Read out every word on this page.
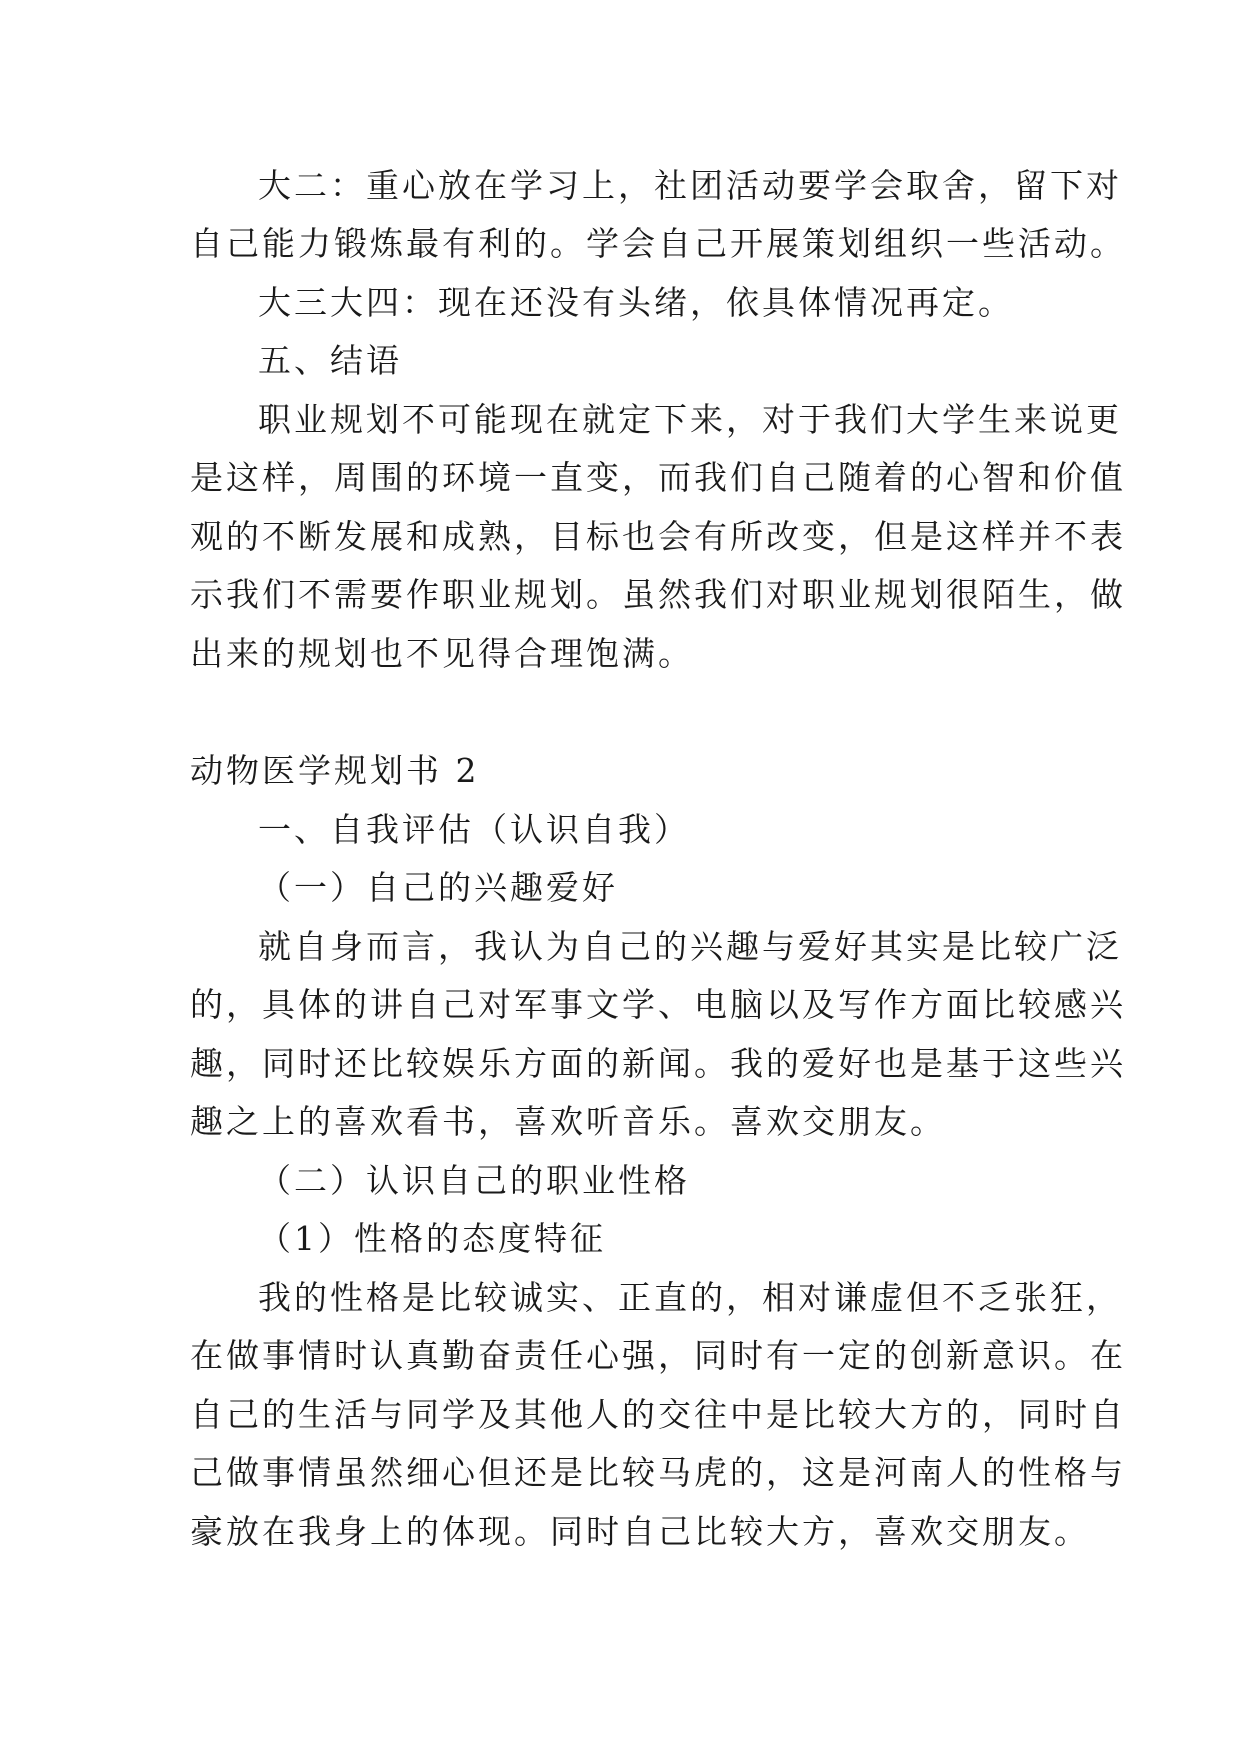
大二：重心放在学习上，社团活动要学会取舍，留下对
自己能力锻炼最有利的。学会自己开展策划组织一些活动。
大三大四：现在还没有头绪，依具体情况再定。
五、结语
职业规划不可能现在就定下来，对于我们大学生来说更
是这样，周围的环境一直变，而我们自己随着的心智和价值
观的不断发展和成熟，目标也会有所改变，但是这样并不表
示我们不需要作职业规划。虽然我们对职业规划很陌生，做
出来的规划也不见得合理饱满。
动物医学规划书 2
一、自我评估（认识自我）
（一）自己的兴趣爱好
就自身而言，我认为自己的兴趣与爱好其实是比较广泛
的，具体的讲自己对军事文学、电脑以及写作方面比较感兴
趣，同时还比较娱乐方面的新闻。我的爱好也是基于这些兴
趣之上的喜欢看书，喜欢听音乐。喜欢交朋友。
（二）认识自己的职业性格
（1）性格的态度特征
我的性格是比较诚实、正直的，相对谦虚但不乏张狂，
在做事情时认真勤奋责任心强，同时有一定的创新意识。在
自己的生活与同学及其他人的交往中是比较大方的，同时自
己做事情虽然细心但还是比较马虎的，这是河南人的性格与
豪放在我身上的体现。同时自己比较大方，喜欢交朋友。
